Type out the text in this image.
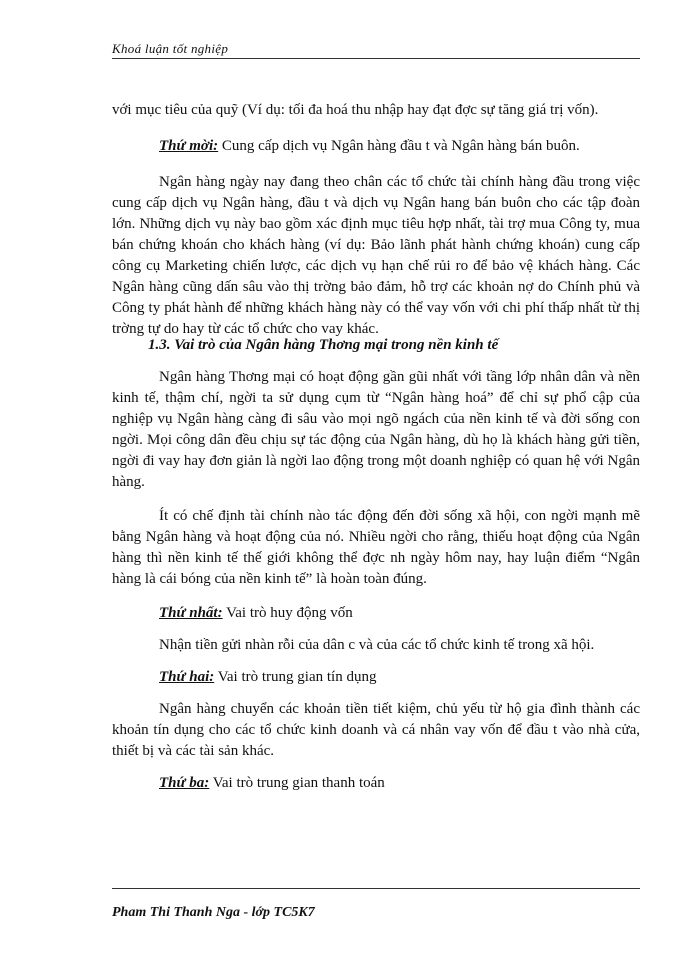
Khoá luận tốt nghiệp

với mục tiêu của quỹ (Ví dụ: tối đa hoá thu nhập hay đạt đợc sự tăng giá trị vốn).

Thứ mời: Cung cấp dịch vụ Ngân hàng đầu t và Ngân hàng bán buôn.

Ngân hàng ngày nay đang theo chân các tổ chức tài chính hàng đầu trong việc cung cấp dịch vụ Ngân hàng, đầu t và dịch vụ Ngân hang bán buôn cho các tập đoàn lớn. Những dịch vụ này bao gồm xác định mục tiêu hợp nhất, tài trợ mua Công ty, mua bán chứng khoán cho khách hàng (ví dụ: Bảo lãnh phát hành chứng khoán) cung cấp công cụ Marketing chiến lược, các dịch vụ hạn chế rủi ro để bảo vệ khách hàng. Các Ngân hàng cũng dấn sâu vào thị trờng bảo đảm, hỗ trợ các khoản nợ do Chính phủ và Công ty phát hành để những khách hàng này có thể vay vốn với chi phí thấp nhất từ thị trờng tự do hay từ các tổ chức cho vay khác.

1.3. Vai trò của Ngân hàng Thơng mại trong nền kinh tế

Ngân hàng Thơng mại có hoạt động gần gũi nhất với tầng lớp nhân dân và nền kinh tế, thậm chí, ngời ta sử dụng cụm từ “Ngân hàng hoá” để chỉ sự phổ cập của nghiệp vụ Ngân hàng càng đi sâu vào mọi ngõ ngách của nền kinh tế và đời sống con ngời. Mọi công dân đều chịu sự tác động của Ngân hàng, dù họ là khách hàng gửi tiền, ngời đi vay hay đơn giản là ngời lao động trong một doanh nghiệp có quan hệ với Ngân hàng.

Ít có chế định tài chính nào tác động đến đời sống xã hội, con ngời mạnh mẽ bằng Ngân hàng và hoạt động của nó. Nhiều ngời cho rằng, thiếu hoạt động của Ngân hàng thì nền kinh tế thế giới không thể đợc nh ngày hôm nay, hay luận điểm “Ngân hàng là cái bóng của nền kinh tế” là hoàn toàn đúng.

Thứ nhất: Vai trò huy động vốn

Nhận tiền gửi nhàn rỗi của dân c và của các tổ chức kinh tế trong xã hội.

Thứ hai: Vai trò trung gian tín dụng

Ngân hàng chuyển các khoản tiền tiết kiệm, chủ yếu từ hộ gia đình thành các khoản tín dụng cho các tổ chức kinh doanh và cá nhân vay vốn để đầu t vào nhà cửa, thiết bị và các tài sản khác.

Thứ ba: Vai trò trung gian thanh toán

Pham Thi Thanh Nga - lớp TC5K7
